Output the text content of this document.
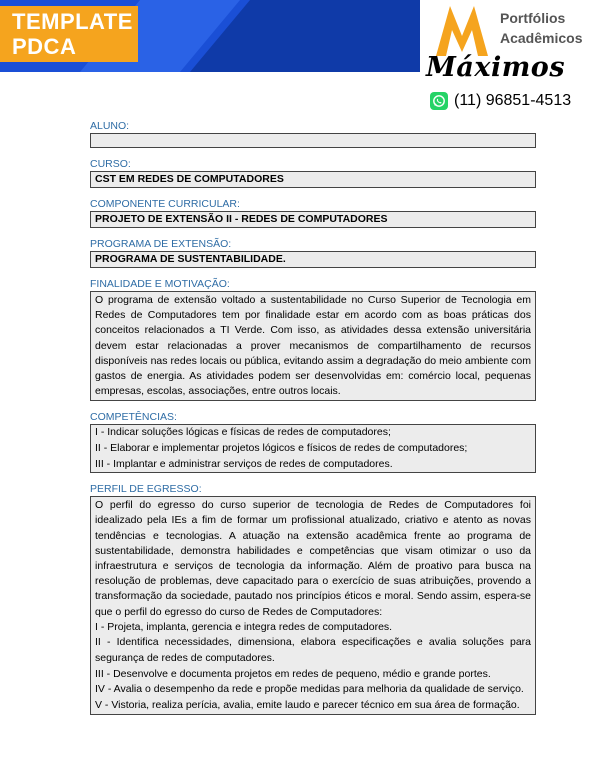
TEMPLATE
PDCA
Portfólios
Acadêmicos
Máximos
(11) 96851-4513
ALUNO:
CURSO:
CST EM REDES DE COMPUTADORES
COMPONENTE CURRICULAR:
PROJETO DE EXTENSÃO II - REDES DE COMPUTADORES
PROGRAMA DE EXTENSÃO:
PROGRAMA DE SUSTENTABILIDADE.
FINALIDADE E MOTIVAÇÃO:
O programa de extensão voltado a sustentabilidade no Curso Superior de Tecnologia em Redes de Computadores tem por finalidade estar em acordo com as boas práticas dos conceitos relacionados a TI Verde. Com isso, as atividades dessa extensão universitária devem estar relacionadas a prover mecanismos de compartilhamento de recursos disponíveis nas redes locais ou pública, evitando assim a degradação do meio ambiente com gastos de energia. As atividades podem ser desenvolvidas em: comércio local, pequenas empresas, escolas, associações, entre outros locais.
COMPETÊNCIAS:
I - Indicar soluções lógicas e físicas de redes de computadores;
II - Elaborar e implementar projetos lógicos e físicos de redes de computadores;
III - Implantar e administrar serviços de redes de computadores.
PERFIL DE EGRESSO:
O perfil do egresso do curso superior de tecnologia de Redes de Computadores foi idealizado pela IEs a fim de formar um profissional atualizado, criativo e atento as novas tendências e tecnologias. A atuação na extensão acadêmica frente ao programa de sustentabilidade, demonstra habilidades e competências que visam otimizar o uso da infraestrutura e serviços de tecnologia da informação. Além de proativo para busca na resolução de problemas, deve capacitado para o exercício de suas atribuições, provendo a transformação da sociedade, pautado nos princípios éticos e moral. Sendo assim, espera-se que o perfil do egresso do curso de Redes de Computadores:
I - Projeta, implanta, gerencia e integra redes de computadores.
II - Identifica necessidades, dimensiona, elabora especificações e avalia soluções para segurança de redes de computadores.
III - Desenvolve e documenta projetos em redes de pequeno, médio e grande portes.
IV - Avalia o desempenho da rede e propõe medidas para melhoria da qualidade de serviço.
V - Vistoria, realiza perícia, avalia, emite laudo e parecer técnico em sua área de formação.
